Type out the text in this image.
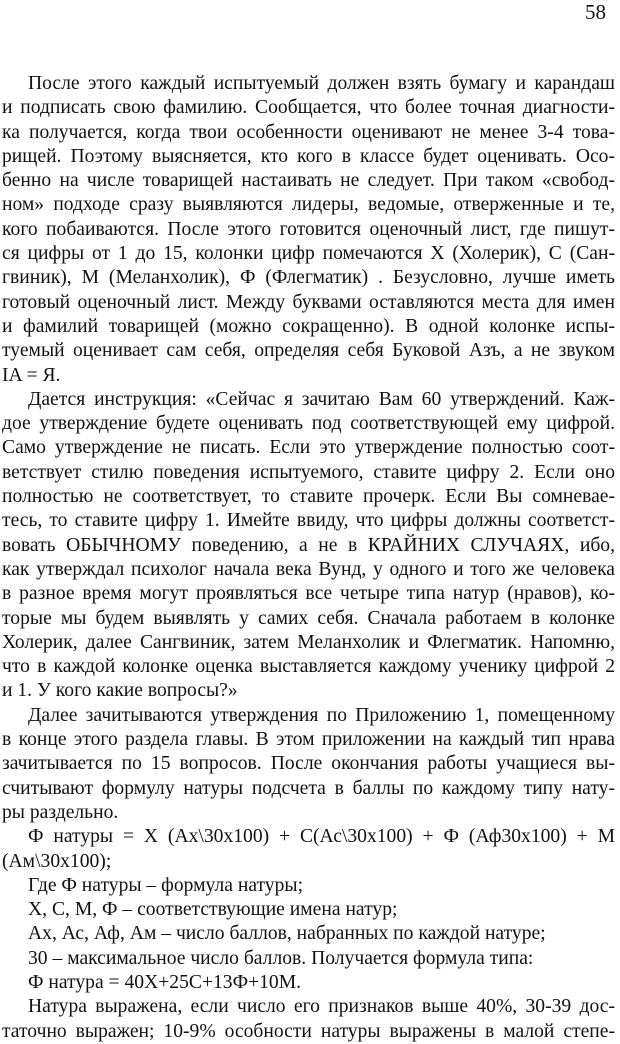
58
После этого каждый испытуемый должен взять бумагу и карандаш
и подписать свою фамилию. Сообщается, что более точная диагности-
ка получается, когда твои особенности оценивают не менее 3-4 това-
рищей. Поэтому выясняется, кто кого в классе будет оценивать. Осо-
бенно на числе товарищей настаивать не следует. При таком «свобод-
ном» подходе сразу выявляются лидеры, ведомые, отверженные и те,
кого побаиваются. После этого готовится оценочный лист, где пишут-
ся цифры от 1 до 15, колонки цифр помечаются Х (Холерик), С (Сан-
гвиник), М (Меланхолик), Ф (Флегматик) . Безусловно, лучше иметь
готовый оценочный лист. Между буквами оставляются места для имен
и фамилий товарищей (можно сокращенно). В одной колонке испы-
туемый оценивает сам себя, определяя себя Буковой Азъ, а не звуком
IA = Я.
Дается инструкция: «Сейчас я зачитаю Вам 60 утверждений. Каж-
дое утверждение будете оценивать под соответствующей ему цифрой.
Само утверждение не писать. Если это утверждение полностью соот-
ветствует стилю поведения испытуемого, ставите цифру 2. Если оно
полностью не соответствует, то ставите прочерк. Если Вы сомневае-
тесь, то ставите цифру 1. Имейте ввиду, что цифры должны соответст-
вовать ОБЫЧНОМУ поведению, а не в КРАЙНИХ СЛУЧАЯХ, ибо,
как утверждал психолог начала века Вунд, у одного и того же человека
в разное время могут проявляться все четыре типа натур (нравов), ко-
торые мы будем выявлять у самих себя. Сначала работаем в колонке
Холерик, далее Сангвиник, затем Меланхолик и Флегматик. Напомню,
что в каждой колонке оценка выставляется каждому ученику цифрой 2
и 1. У кого какие вопросы?»
Далее зачитываются утверждения по Приложению 1, помещенному
в конце этого раздела главы. В этом приложении на каждый тип нрава
зачитывается по 15 вопросов. После окончания работы учащиеся вы-
считывают формулу натуры подсчета в баллы по каждому типу нату-
ры раздельно.
Ф натуры = Х (Ах\30х100) + С(Ас\30х100) + Ф (Аф30х100) + М
(Ам\30х100);
Где Ф натуры – формула натуры;
Х, С, М, Ф – соответствующие имена натур;
Ах, Ас, Аф, Ам – число баллов, набранных по каждой натуре;
30 – максимальное число баллов. Получается формула типа:
Ф натура = 40Х+25С+13Ф+10М.
Натура выражена, если число его признаков выше 40%, 30-39 дос-
таточно выражен; 10-9% особности натуры выражены в малой степе-
